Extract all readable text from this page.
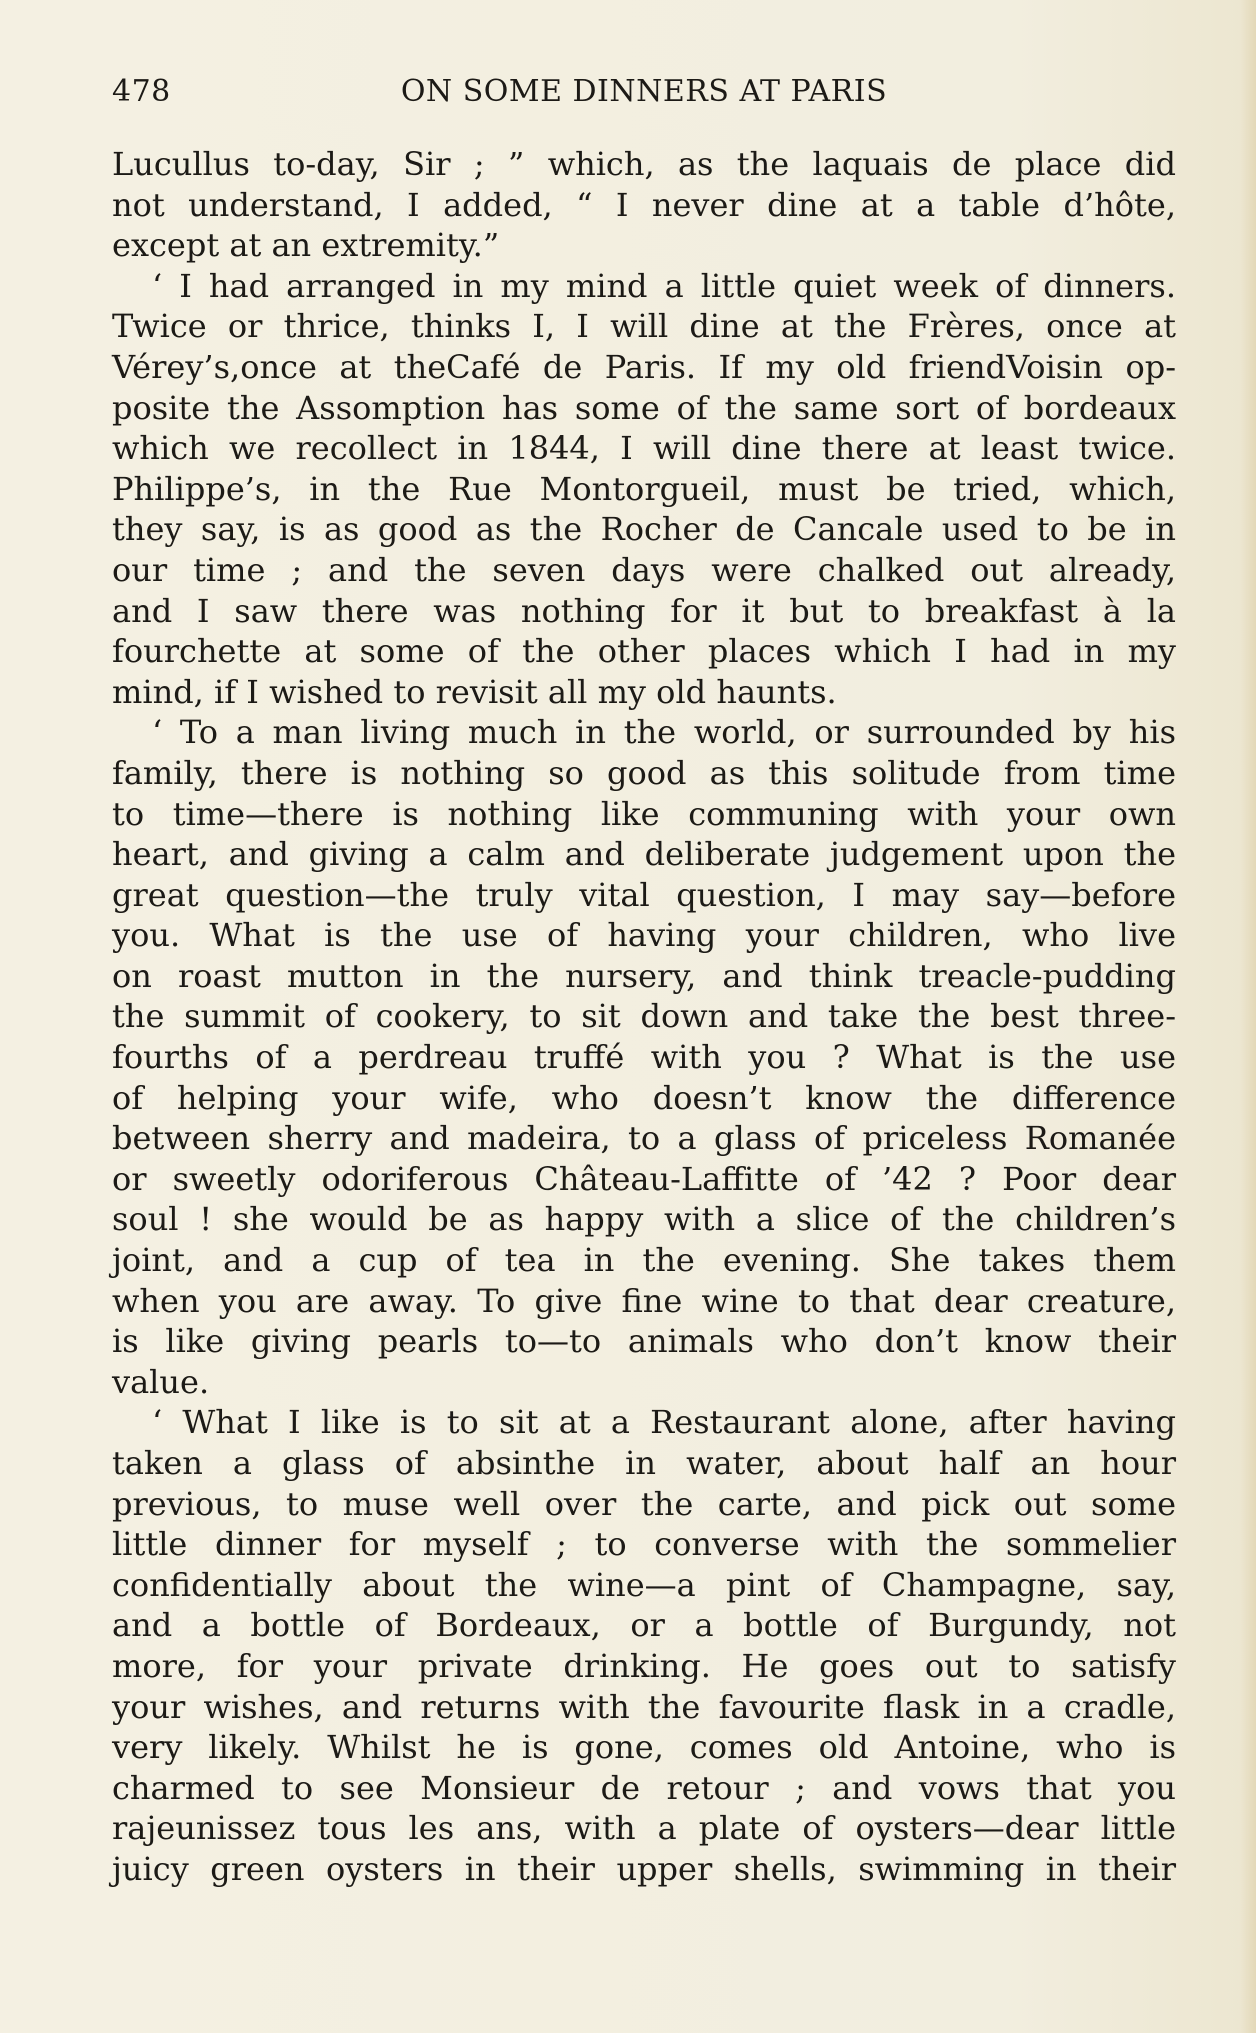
478	ON SOME DINNERS AT PARIS
Lucullus to-day, Sir ; ” which, as the laquais de place did
not understand, I added, “ I never dine at a table d’hôte,
except at an extremity.”
‘ I had arranged in my mind a little quiet week of dinners.
Twice or thrice, thinks I, I will dine at the Frères, once at
Vérey’s,once at theCafé de Paris. If my old friendVoisin op-
posite the Assomption has some of the same sort of bordeaux
which we recollect in 1844, I will dine there at least twice.
Philippe’s, in the Rue Montorgueil, must be tried, which,
they say, is as good as the Rocher de Cancale used to be in
our time ; and the seven days were chalked out already,
and I saw there was nothing for it but to breakfast à la
fourchette at some of the other places which I had in my
mind, if I wished to revisit all my old haunts.
‘ To a man living much in the world, or surrounded by his
family, there is nothing so good as this solitude from time
to time—there is nothing like communing with your own
heart, and giving a calm and deliberate judgement upon the
great question—the truly vital question, I may say—before
you. What is the use of having your children, who live
on roast mutton in the nursery, and think treacle-pudding
the summit of cookery, to sit down and take the best three-
fourths of a perdreau truffé with you ? What is the use
of helping your wife, who doesn’t know the difference
between sherry and madeira, to a glass of priceless Romanée
or sweetly odoriferous Château-Laffitte of ’42 ? Poor dear
soul ! she would be as happy with a slice of the children’s
joint, and a cup of tea in the evening. She takes them
when you are away. To give fine wine to that dear creature,
is like giving pearls to—to animals who don’t know their
value.
‘ What I like is to sit at a Restaurant alone, after having
taken a glass of absinthe in water, about half an hour
previous, to muse well over the carte, and pick out some
little dinner for myself ; to converse with the sommelier
confidentially about the wine—a pint of Champagne, say,
and a bottle of Bordeaux, or a bottle of Burgundy, not
more, for your private drinking. He goes out to satisfy
your wishes, and returns with the favourite flask in a cradle,
very likely. Whilst he is gone, comes old Antoine, who is
charmed to see Monsieur de retour ; and vows that you
rajeunissez tous les ans, with a plate of oysters—dear little
juicy green oysters in their upper shells, swimming in their
